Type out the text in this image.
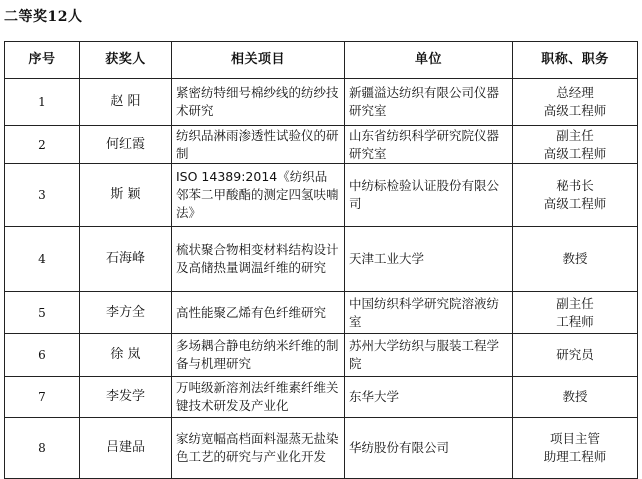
二等奖12人
序号	获奖人	相关项目	单位	职称、职务
1	赵 阳	紧密纺特细号棉纱线的纺纱技术研究	新疆溢达纺织有限公司仪器研究室	总经理
高级工程师

2	何红霞	纺织品淋雨渗透性试验仪的研制	山东省纺织科学研究院仪器研究室	副主任
高级工程师

3	斯 颖	ISO 14389:2014《纺织品 邻苯二甲酸酯的测定四氢呋喃法》	中纺标检验认证股份有限公司	秘书长
高级工程师

4	石海峰	梳状聚合物相变材料结构设计及高储热量调温纤维的研究	天津工业大学	教授

5	李方全	高性能聚乙烯有色纤维研究	中国纺织科学研究院溶液纺室	副主任
工程师

6	徐 岚	多场耦合静电纺纳米纤维的制备与机理研究	苏州大学纺织与服装工程学院	研究员

7	李发学	万吨级新溶剂法纤维素纤维关键技术研发及产业化	东华大学	教授

8	吕建品	家纺宽幅高档面料湿蒸无盐染色工艺的研究与产业化开发	华纺股份有限公司	项目主管
助理工程师
